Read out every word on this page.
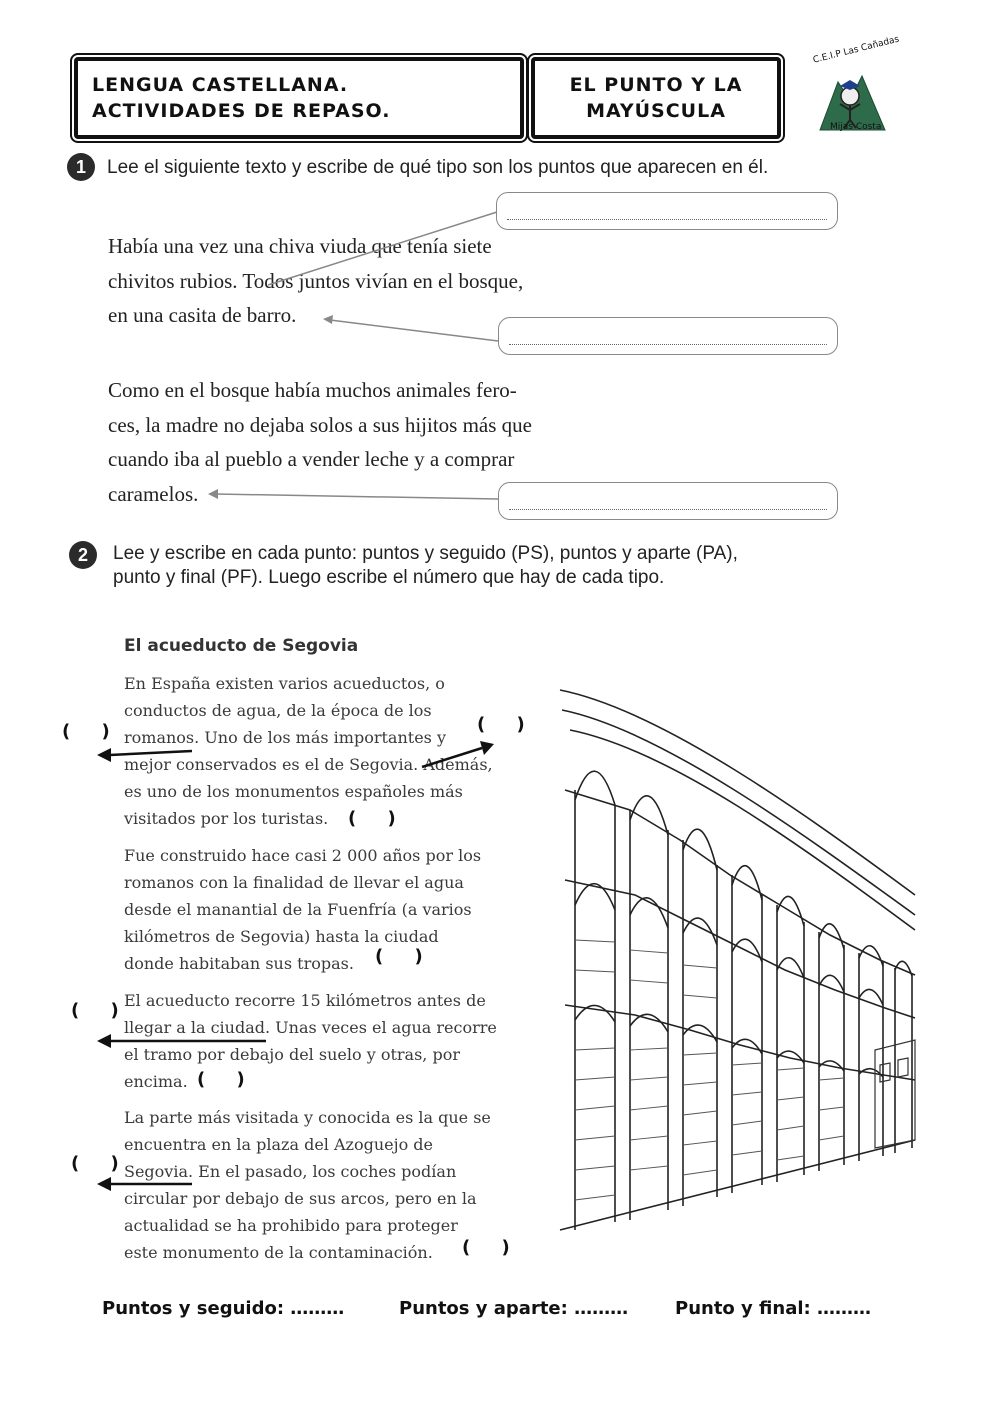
LENGUA CASTELLANA.
ACTIVIDADES DE REPASO.
EL PUNTO Y LA
MAYÚSCULA
C.E.I.P Las Cañadas
Mijas Costa
1	Lee el siguiente texto y escribe de qué tipo son los puntos que aparecen en él.
Había una vez una chiva viuda que tenía siete
chivitos rubios. Todos juntos vivían en el bosque,
en una casita de barro.
Como en el bosque había muchos animales fero-
ces, la madre no dejaba solos a sus hijitos más que
cuando iba al pueblo a vender leche y a comprar
caramelos.
2	Lee y escribe en cada punto: puntos y seguido (PS), puntos y aparte (PA),
punto y final (PF). Luego escribe el número que hay de cada tipo.
El acueducto de Segovia
En España existen varios acueductos, o
conductos de agua, de la época de los
romanos. Uno de los más importantes y
mejor conservados es el de Segovia. Además,
es uno de los monumentos españoles más
visitados por los turistas.
Fue construido hace casi 2 000 años por los
romanos con la finalidad de llevar el agua
desde el manantial de la Fuenfría (a varios
kilómetros de Segovia) hasta la ciudad
donde habitaban sus tropas.
El acueducto recorre 15 kilómetros antes de
llegar a la ciudad. Unas veces el agua recorre
el tramo por debajo del suelo y otras, por
encima.
La parte más visitada y conocida es la que se
encuentra en la plaza del Azoguejo de
Segovia. En el pasado, los coches podían
circular por debajo de sus arcos, pero en la
actualidad se ha prohibido para proteger
este monumento de la contaminación.
(     )	(     )
(     )
(     )
(     )
(     )
(     )
(     )
Puntos y seguido: ………	Puntos y aparte: ………	Punto y final: ………
